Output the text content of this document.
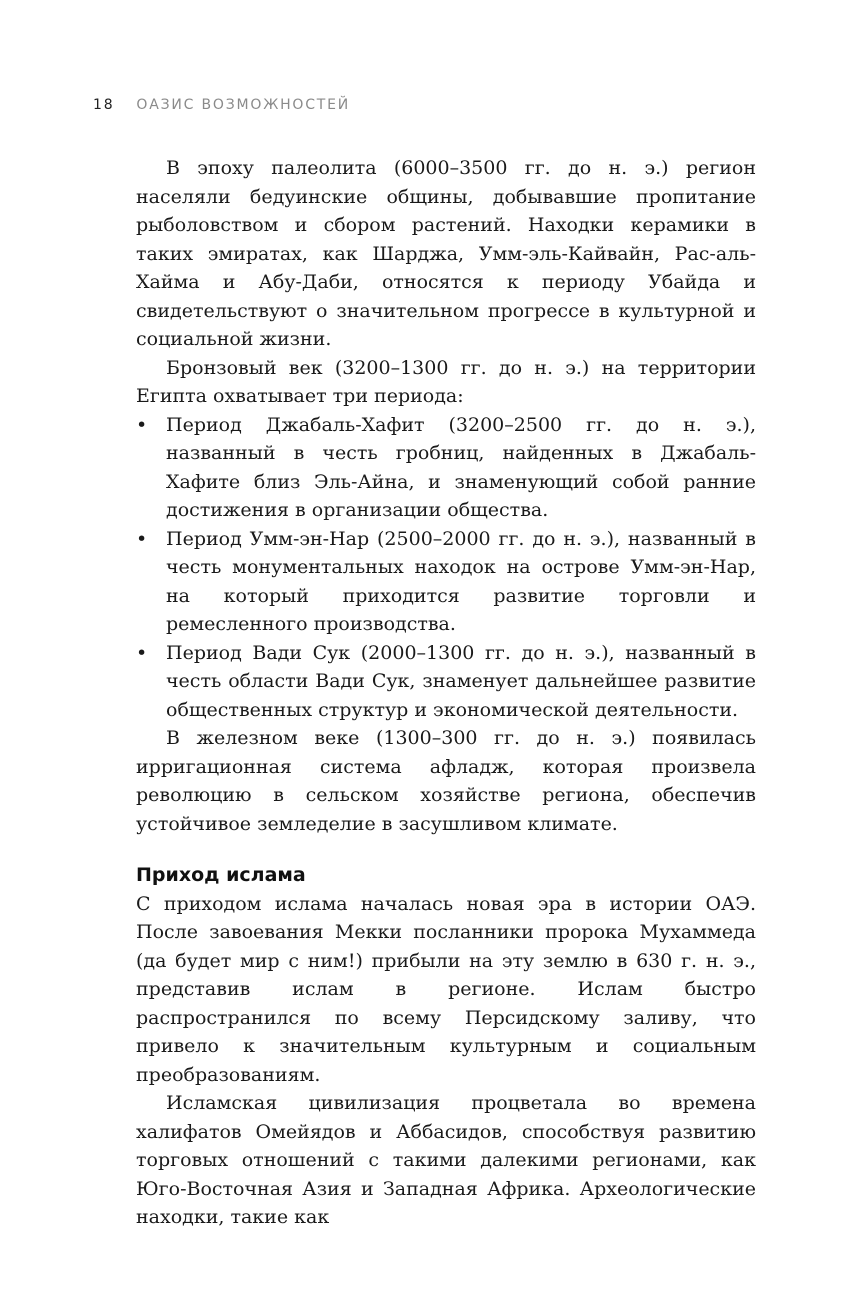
18 ОАЗИС ВОЗМОЖНОСТЕЙ

В эпоху палеолита (6000–3500 гг. до н. э.) регион населяли бедуинские общины, добывавшие пропитание рыболовством и сбором растений. Находки керамики в таких эмиратах, как Шарджа, Умм-эль-Кайвайн, Рас-аль-Хайма и Абу-Даби, относятся к периоду Убайда и свидетельствуют о значительном прогрессе в культурной и социальной жизни.

Бронзовый век (3200–1300 гг. до н. э.) на территории Египта охватывает три периода:

• Период Джабаль-Хафит (3200–2500 гг. до н. э.), названный в честь гробниц, найденных в Джабаль-Хафите близ Эль-Айна, и знаменующий собой ранние достижения в организации общества.
• Период Умм-эн-Нар (2500–2000 гг. до н. э.), названный в честь монументальных находок на острове Умм-эн-Нар, на который приходится развитие торговли и ремесленного производства.
• Период Вади Сук (2000–1300 гг. до н. э.), названный в честь области Вади Сук, знаменует дальнейшее развитие общественных структур и экономической деятельности.

В железном веке (1300–300 гг. до н. э.) появилась ирригационная система афладж, которая произвела революцию в сельском хозяйстве региона, обеспечив устойчивое земледелие в засушливом климате.

Приход ислама

С приходом ислама началась новая эра в истории ОАЭ. После завоевания Мекки посланники пророка Мухаммеда (да будет мир с ним!) прибыли на эту землю в 630 г. н. э., представив ислам в регионе. Ислам быстро распространился по всему Персидскому заливу, что привело к значительным культурным и социальным преобразованиям.

Исламская цивилизация процветала во времена халифатов Омейядов и Аббасидов, способствуя развитию торговых отношений с такими далекими регионами, как Юго-Восточная Азия и Западная Африка. Археологические находки, такие как
